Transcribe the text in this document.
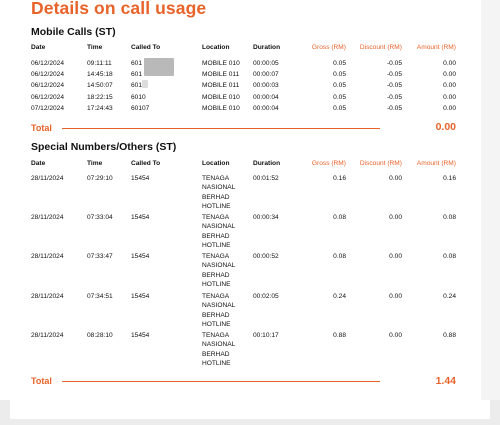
Details on call usage
Mobile Calls (ST)
Date	Time	Called To	Location	Duration	Gross (RM)	Discount (RM)	Amount (RM)
06/12/2024	09:11:11	601	MOBILE 010 00:00:05	0.05	-0.05	0.00
06/12/2024	14:45:18	601	MOBILE 011 00:00:07	0.05	-0.05	0.00
06/12/2024	14:50:07	601	MOBILE 011 00:00:03	0.05	-0.05	0.00
06/12/2024	18:22:15	6010	MOBILE 010 00:00:04	0.05	-0.05	0.00
07/12/2024	17:24:43	60107	MOBILE 010 00:00:04	0.05	-0.05	0.00
Total	0.00
Special Numbers/Others (ST)
Date	Time	Called To	Location	Duration	Gross (RM)	Discount (RM)	Amount (RM)
28/11/2024	07:29:10	15454	TENAGA
NASIONAL
BERHAD
HOTLINE
00:01:52	0.16	0.00	0.16
28/11/2024	07:33:04	15454	TENAGA
NASIONAL
BERHAD
HOTLINE
00:00:34	0.08	0.00	0.08
28/11/2024	07:33:47	15454	TENAGA
NASIONAL
BERHAD
HOTLINE
00:00:52	0.08	0.00	0.08
28/11/2024	07:34:51	15454	TENAGA
NASIONAL
BERHAD
HOTLINE
00:02:05	0.24	0.00	0.24
28/11/2024	08:28:10	15454	TENAGA
NASIONAL
BERHAD
HOTLINE
00:10:17	0.88	0.00	0.88
Total	1.44
